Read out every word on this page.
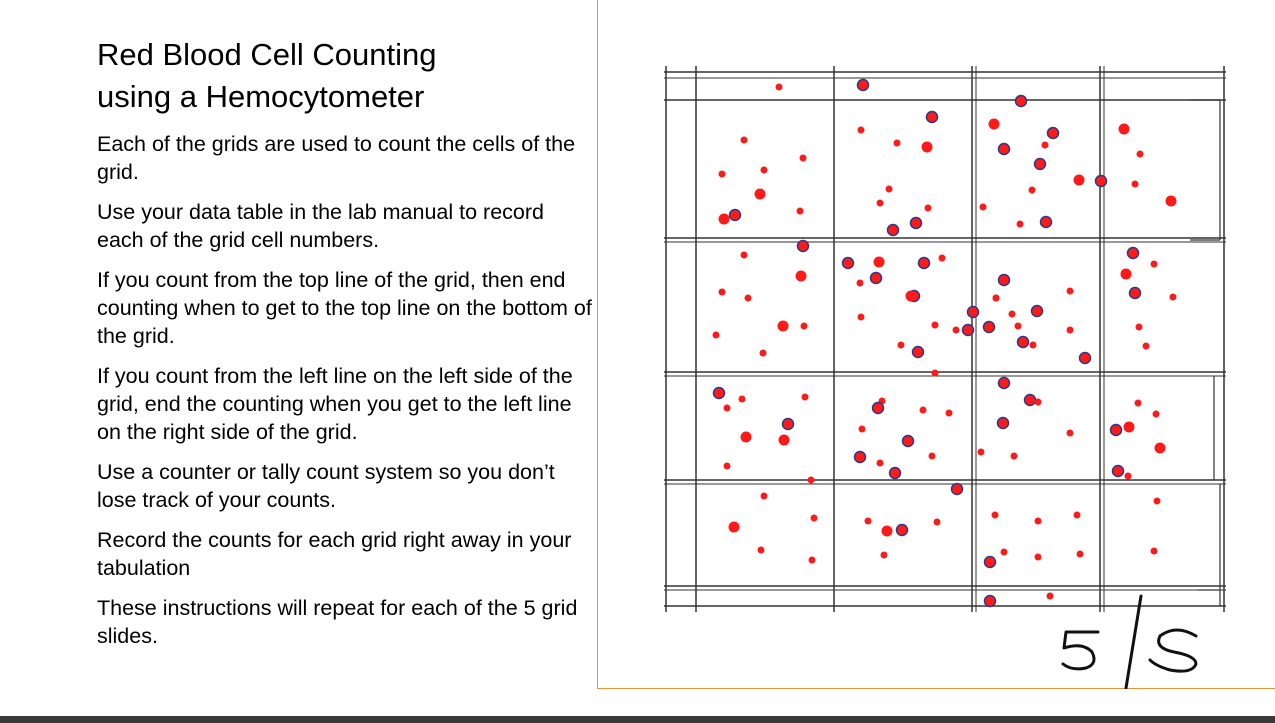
Red Blood Cell Counting
using a Hemocytometer

Each of the grids are used to count the cells of the grid.

Use your data table in the lab manual to record each of the grid cell numbers.

If you count from the top line of the grid, then end counting when to get to the top line on the bottom of the grid.

If you count from the left line on the left side of the grid, end the counting when you get to the left line on the right side of the grid.

Use a counter or tally count system so you don’t lose track of your counts.

Record the counts for each grid right away in your tabulation

These instructions will repeat for each of the 5 grid slides.

5/5
